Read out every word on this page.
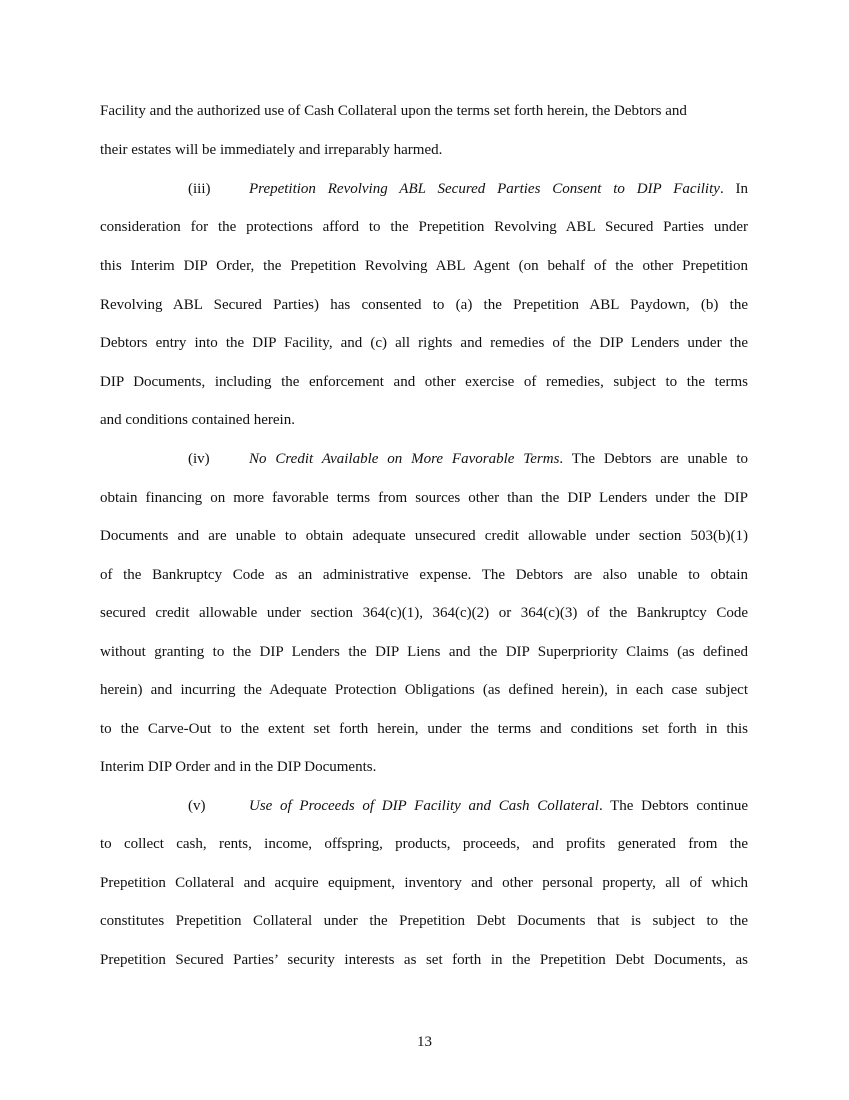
Facility and the authorized use of Cash Collateral upon the terms set forth herein, the Debtors and
their estates will be immediately and irreparably harmed.
(iii)	Prepetition Revolving ABL Secured Parties Consent to DIP Facility. In
consideration for the protections afford to the Prepetition Revolving ABL Secured Parties under
this Interim DIP Order, the Prepetition Revolving ABL Agent (on behalf of the other Prepetition
Revolving ABL Secured Parties) has consented to (a) the Prepetition ABL Paydown, (b) the
Debtors entry into the DIP Facility, and (c) all rights and remedies of the DIP Lenders under the
DIP Documents, including the enforcement and other exercise of remedies, subject to the terms
and conditions contained herein.
(iv)	No Credit Available on More Favorable Terms. The Debtors are unable to
obtain financing on more favorable terms from sources other than the DIP Lenders under the DIP
Documents and are unable to obtain adequate unsecured credit allowable under section 503(b)(1)
of the Bankruptcy Code as an administrative expense. The Debtors are also unable to obtain
secured credit allowable under section 364(c)(1), 364(c)(2) or 364(c)(3) of the Bankruptcy Code
without granting to the DIP Lenders the DIP Liens and the DIP Superpriority Claims (as defined
herein) and incurring the Adequate Protection Obligations (as defined herein), in each case subject
to the Carve-Out to the extent set forth herein, under the terms and conditions set forth in this
Interim DIP Order and in the DIP Documents.
(v)	Use of Proceeds of DIP Facility and Cash Collateral. The Debtors continue
to collect cash, rents, income, offspring, products, proceeds, and profits generated from the
Prepetition Collateral and acquire equipment, inventory and other personal property, all of which
constitutes Prepetition Collateral under the Prepetition Debt Documents that is subject to the
Prepetition Secured Parties’ security interests as set forth in the Prepetition Debt Documents, as
13
